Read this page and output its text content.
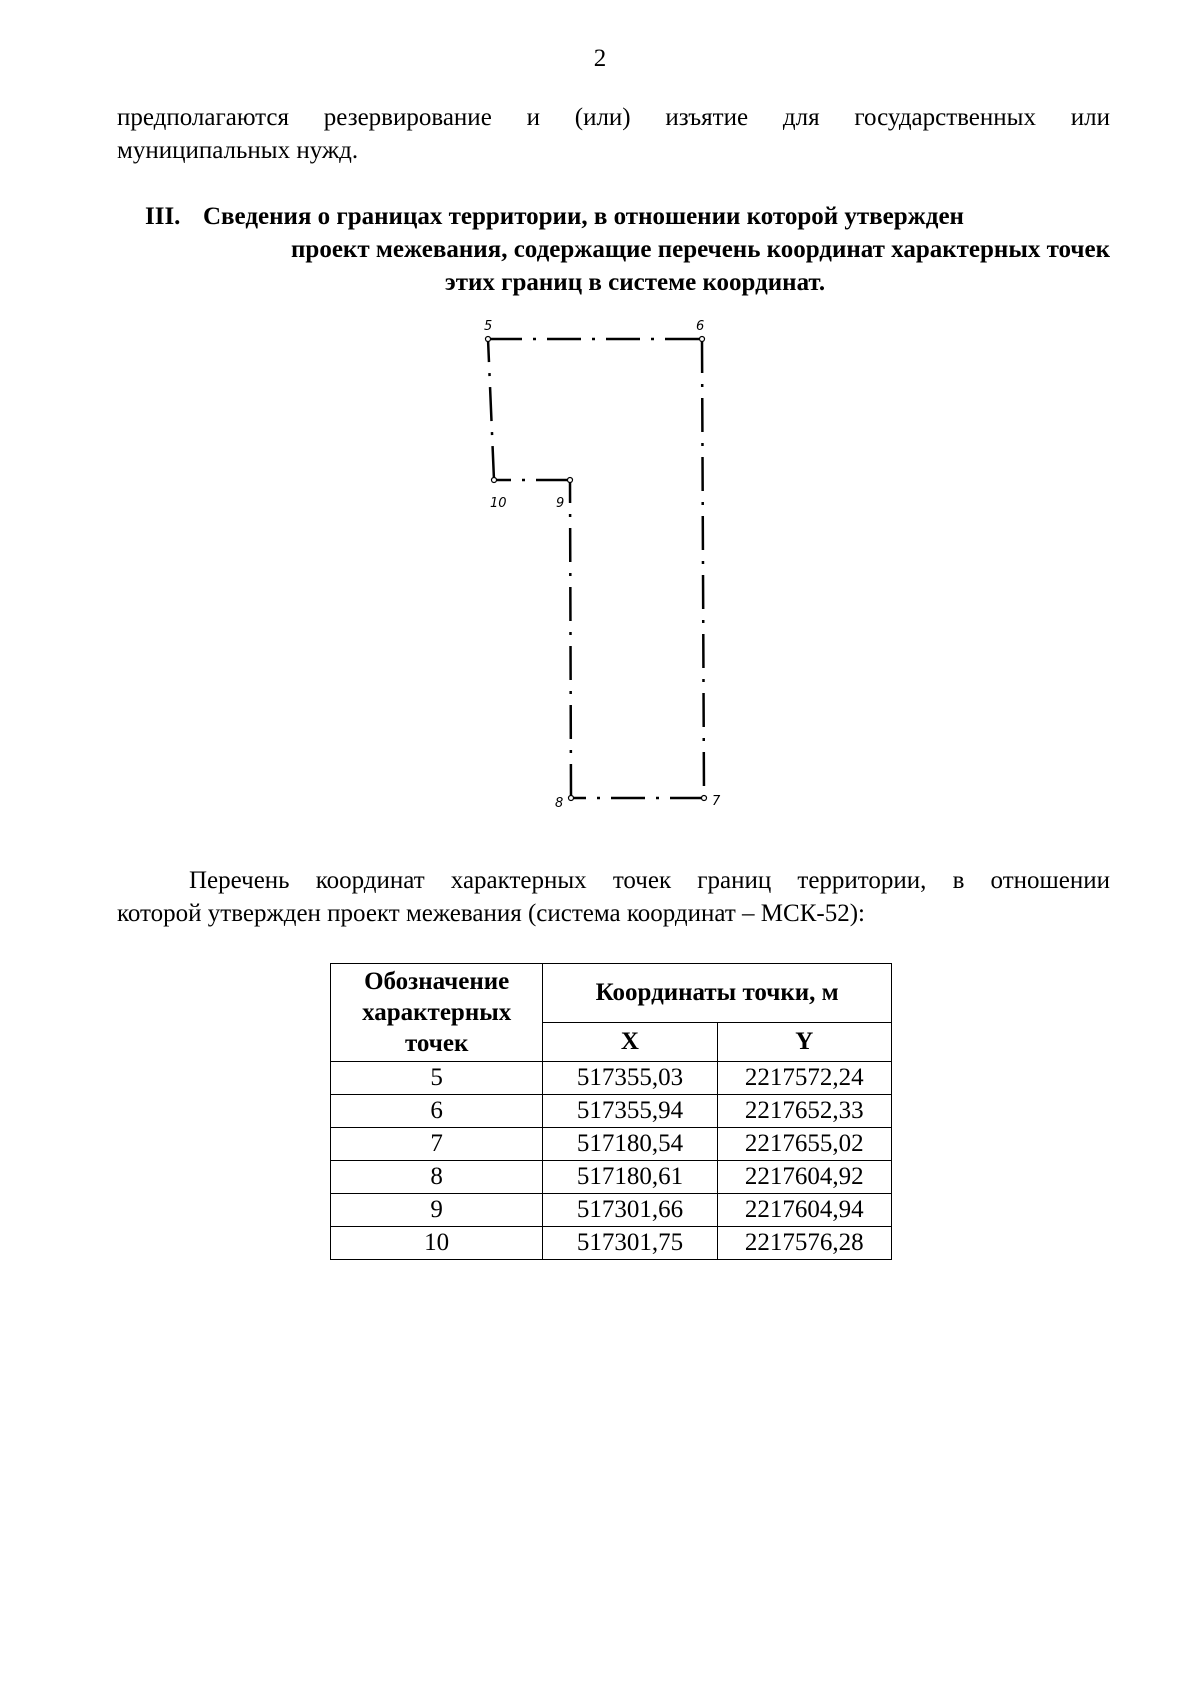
2

предполагаются резервирование и (или) изъятие для государственных или
муниципальных нужд.

III. Сведения о границах территории, в отношении которой утвержден
проект межевания, содержащие перечень координат характерных точек
этих границ в системе координат.
5	6
7
8
9
10

Перечень координат характерных точек границ территории, в отношении
которой утвержден проект межевания (система координат – МСК-52):

Обозначение характерных точек	Координаты точки, м	
	X	Y
5	517355,03	2217572,24
6	517355,94	2217652,33
7	517180,54	2217655,02
8	517180,61	2217604,92
9	517301,66	2217604,94
10	517301,75	2217576,28
